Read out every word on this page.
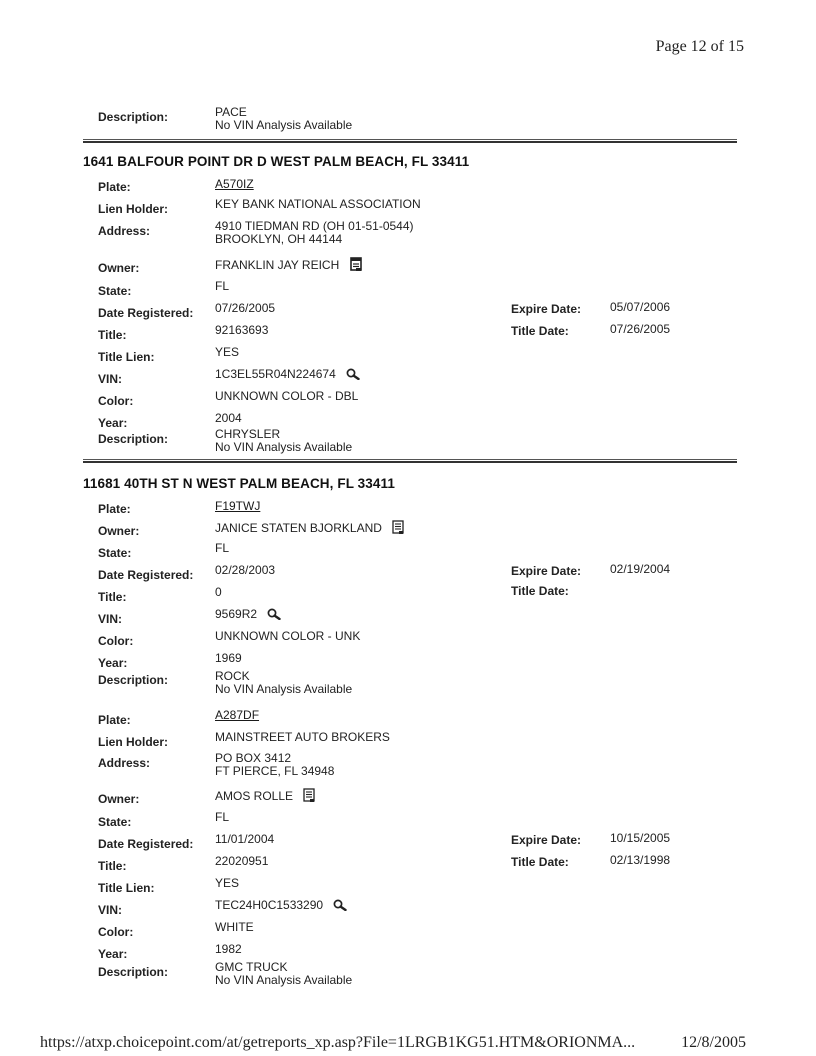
Page 12 of 15
Description:	PACE
No VIN Analysis Available
1641 BALFOUR POINT DR D WEST PALM BEACH, FL 33411
Plate:	A570IZ
Lien Holder:	KEY BANK NATIONAL ASSOCIATION
Address:	4910 TIEDMAN RD (OH 01-51-0544)
BROOKLYN, OH 44144
Owner:	FRANKLIN JAY REICH
State:	FL
Date Registered: 07/26/2005	Expire Date: 05/07/2006
Title:	92163693	Title Date:	07/26/2005
Title Lien:	YES
VIN:	1C3EL55R04N224674
Color:	UNKNOWN COLOR - DBL
Year:	2004
Description:	CHRYSLER
No VIN Analysis Available
11681 40TH ST N WEST PALM BEACH, FL 33411
Plate:	F19TWJ
Owner:	JANICE STATEN BJORKLAND
State:	FL
Date Registered: 02/28/2003	Expire Date: 02/19/2004
Title:	0	Title Date:
VIN:	9569R2
Color:	UNKNOWN COLOR - UNK
Year:	1969
Description:	ROCK
No VIN Analysis Available
Plate:	A287DF
Lien Holder:	MAINSTREET AUTO BROKERS
Address:	PO BOX 3412
FT PIERCE, FL 34948
Owner:	AMOS ROLLE
State:	FL
Date Registered: 11/01/2004	Expire Date: 10/15/2005
Title:	22020951	Title Date:	02/13/1998
Title Lien:	YES
VIN:	TEC24H0C1533290
Color:	WHITE
Year:	1982
Description:	GMC TRUCK
No VIN Analysis Available
https://atxp.choicepoint.com/at/getreports_xp.asp?File=1LRGB1KG51.HTM&ORIONMA...	12/8/2005
